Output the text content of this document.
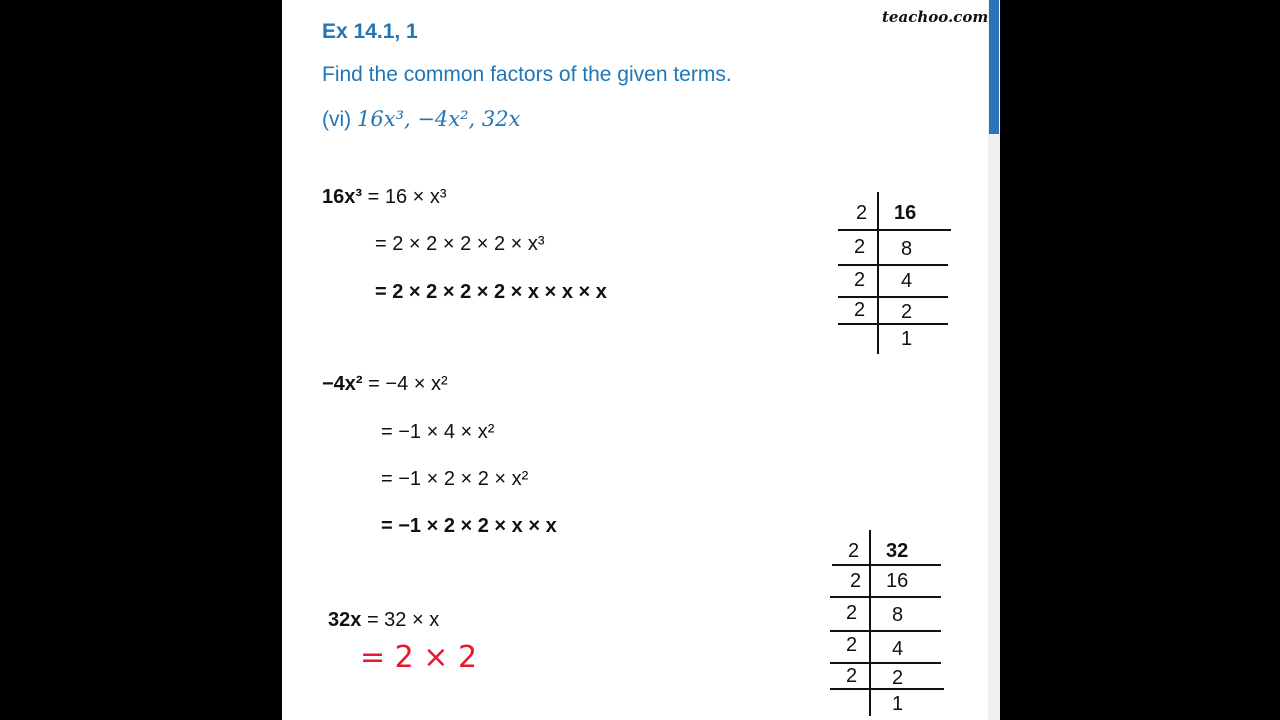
teachoo.com
Ex 14.1, 1
Find the common factors of the given terms.
(vi) 16x³, −4x², 32x
16x³ = 16 × x³
= 2 × 2 × 2 × 2 × x³
= 2 × 2 × 2 × 2 × x × x × x
−4x² = −4 × x²
= −1 × 4 × x²
= −1 × 2 × 2 × x²
= −1 × 2 × 2 × x × x
32x = 32 × x
= 2 × 2
2
2
2
2
16
8
4
2
1
2
2
2
2
2
32
16
8
4
2
1
